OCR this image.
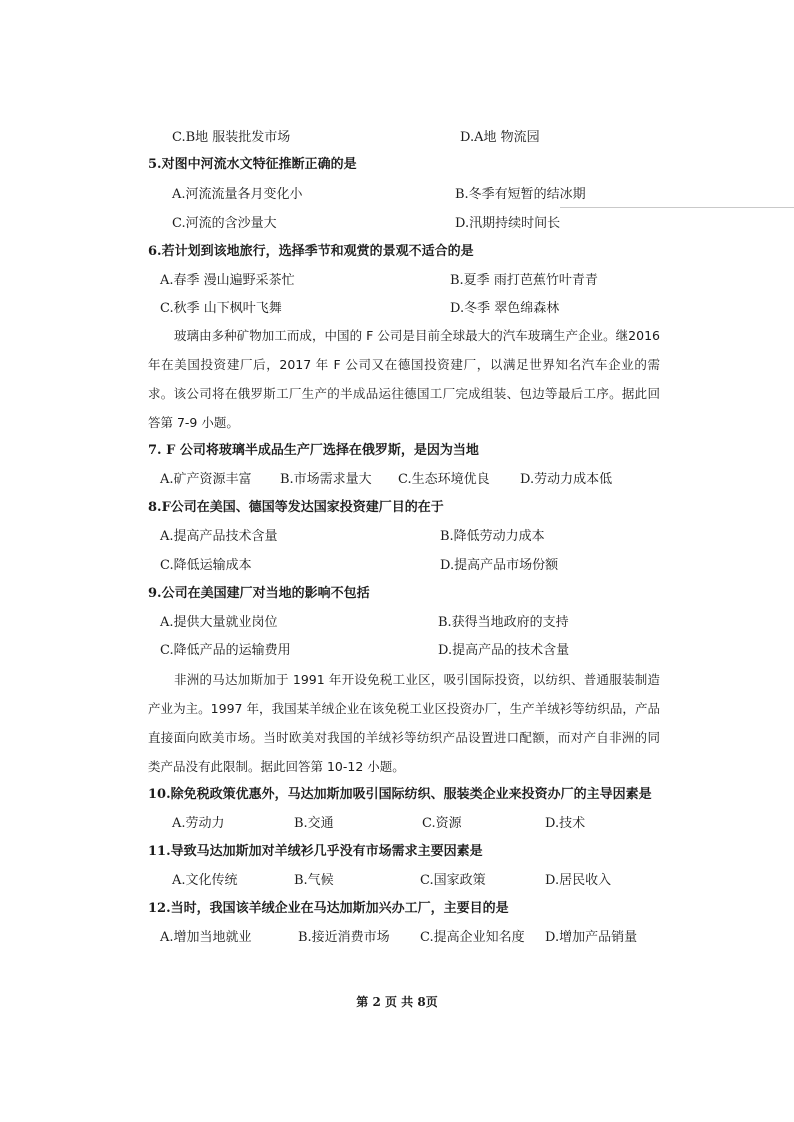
C.B地 服装批发市场	D.A地 物流园
5.对图中河流水文特征推断正确的是
A.河流流量各月变化小	B.冬季有短暂的结冰期
C.河流的含沙量大	D.汛期持续时间长
6.若计划到该地旅行，选择季节和观赏的景观不适合的是
A.春季 漫山遍野采茶忙	B.夏季 雨打芭蕉竹叶青青
C.秋季 山下枫叶飞舞	D.冬季 翠色绵森林
玻璃由多种矿物加工而成，中国的 F 公司是目前全球最大的汽车玻璃生产企业。继2016 年在美国投资建厂后，2017 年 F 公司又在德国投资建厂，以满足世界知名汽车企业的需求。该公司将在俄罗斯工厂生产的半成品运往德国工厂完成组装、包边等最后工序。据此回答第 7-9 小题。
7. F 公司将玻璃半成品生产厂选择在俄罗斯，是因为当地
A.矿产资源丰富 B.市场需求量大 C.生态环境优良 D.劳动力成本低
8.F公司在美国、德国等发达国家投资建厂目的在于
A.提高产品技术含量	B.降低劳动力成本
C.降低运输成本	D.提高产品市场份额
9.公司在美国建厂对当地的影响不包括
A.提供大量就业岗位	B.获得当地政府的支持
C.降低产品的运输费用	D.提高产品的技术含量
非洲的马达加斯加于 1991 年开设免税工业区，吸引国际投资，以纺织、普通服装制造产业为主。1997 年，我国某羊绒企业在该免税工业区投资办厂，生产羊绒衫等纺织品，产品直接面向欧美市场。当时欧美对我国的羊绒衫等纺织产品设置进口配额，而对产自非洲的同类产品没有此限制。据此回答第 10-12 小题。
10.除免税政策优惠外，马达加斯加吸引国际纺织、服装类企业来投资办厂的主导因素是
A.劳动力	B.交通	C.资源	D.技术
11.导致马达加斯加对羊绒衫几乎没有市场需求主要因素是
A.文化传统	B.气候	C.国家政策	D.居民收入
12.当时，我国该羊绒企业在马达加斯加兴办工厂，主要目的是
A.增加当地就业	B.接近消费市场 C.提高企业知名度 D.增加产品销量
第 2 页 共 8页
